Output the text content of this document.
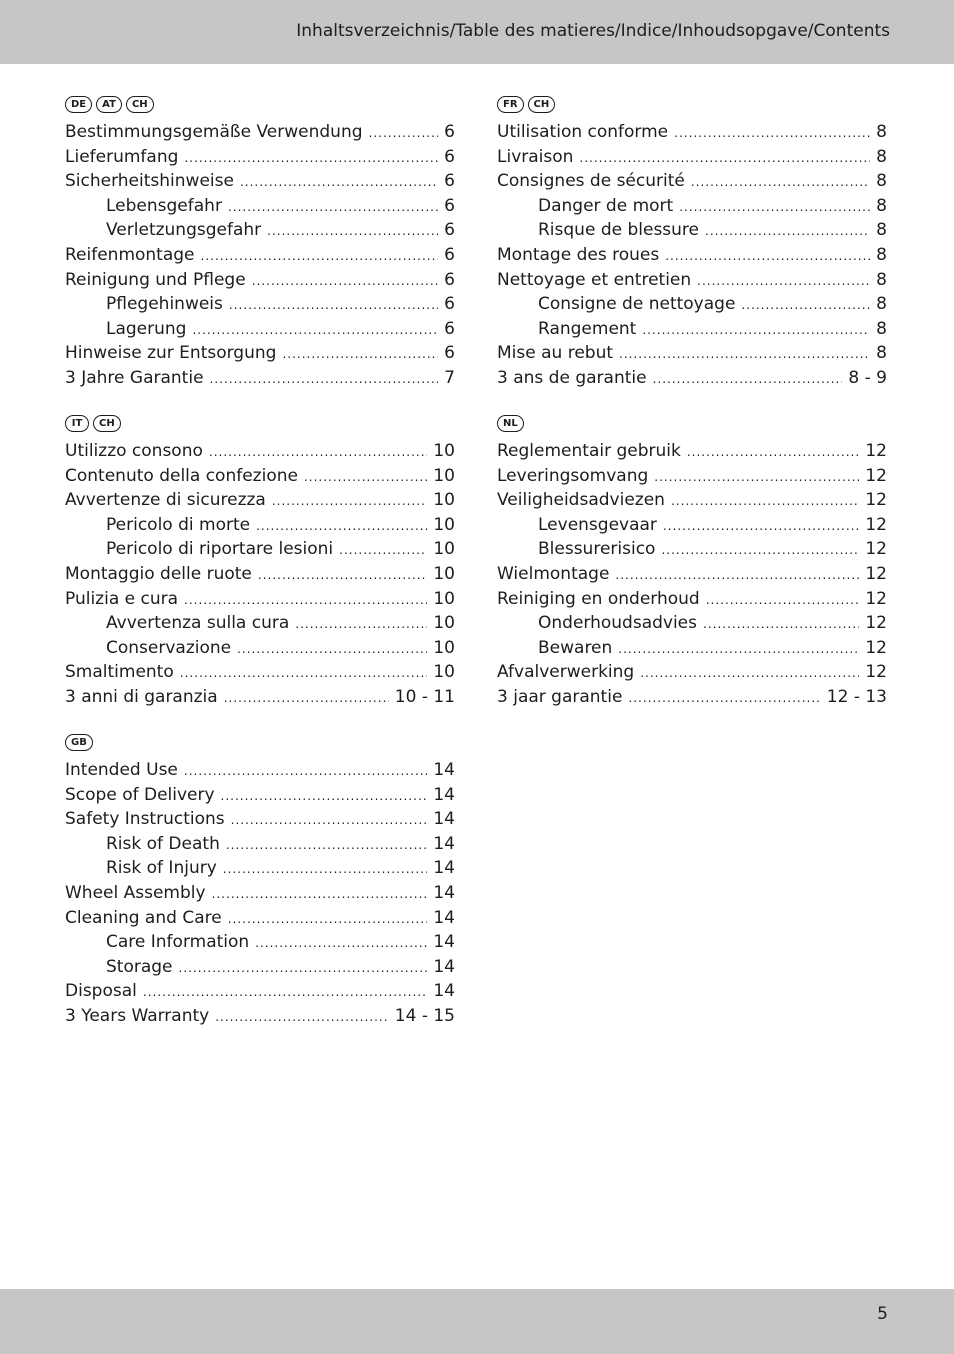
Inhaltsverzeichnis/Table des matieres/Indice/Inhoudsopgave/Contents
DE	AT	CH
Bestimmungsgemäße Verwendung .....	6
Lieferumfang .....	6
Sicherheitshinweise .....	6
Lebensgefahr .....	6
Verletzungsgefahr .....	6
Reifenmontage .....	6
Reinigung und Pflege .....	6
Pflegehinweis .....	6
Lagerung .....	6
Hinweise zur Entsorgung .....	6
3 Jahre Garantie .....	7
FR	CH
Utilisation conforme .....	8
Livraison .....	8
Consignes de sécurité .....	8
Danger de mort .....	8
Risque de blessure .....	8
Montage des roues .....	8
Nettoyage et entretien .....	8
Consigne de nettoyage .....	8
Rangement .....	8
Mise au rebut .....	8
3 ans de garantie .....	8 - 9
IT	CH
Utilizzo consono .....	10
Contenuto della confezione .....	10
Avvertenze di sicurezza .....	10
Pericolo di morte .....	10
Pericolo di riportare lesioni .....	10
Montaggio delle ruote .....	10
Pulizia e cura .....	10
Avvertenza sulla cura .....	10
Conservazione .....	10
Smaltimento .....	10
3 anni di garanzia .....	10 - 11
NL
Reglementair gebruik .....	12
Leveringsomvang .....	12
Veiligheidsadviezen .....	12
Levensgevaar .....	12
Blessurerisico .....	12
Wielmontage .....	12
Reiniging en onderhoud .....	12
Onderhoudsadvies .....	12
Bewaren .....	12
Afvalverwerking .....	12
3 jaar garantie .....	12 - 13
GB
Intended Use .....	14
Scope of Delivery .....	14
Safety Instructions .....	14
Risk of Death .....	14
Risk of Injury .....	14
Wheel Assembly .....	14
Cleaning and Care .....	14
Care Information .....	14
Storage .....	14
Disposal .....	14
3 Years Warranty .....	14 - 15
5
